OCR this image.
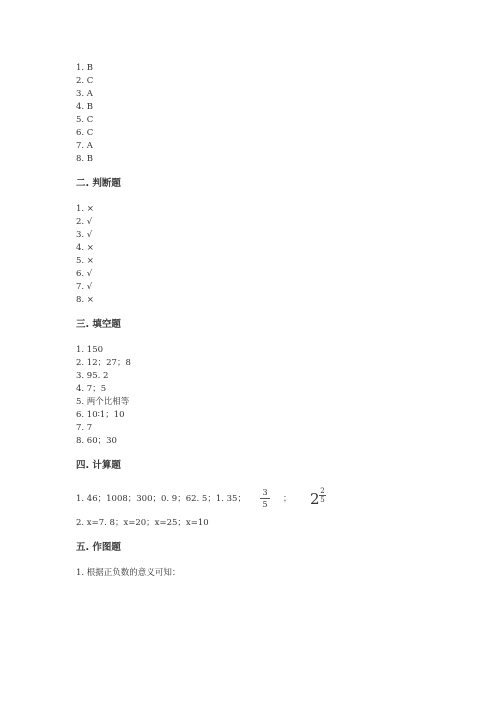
1. B
2. C
3. A
4. B
5. C
6. C
7. A
8. B
二. 判断题
1. ×
2. √
3. √
4. ×
5. ×
6. √
7. √
8. ×
三. 填空题
1. 150
2. 12；27；8
3. 95. 2
4. 7；5
5. 两个比相等
6. 10∶1；10
7. 7
8. 60；30
四. 计算题
1. 46；1008；300；0. 9；62. 5；1. 35；
3
5
； 2 2
5
2. x=7. 8；x=20；x=25；x=10
五. 作图题
1. 根据正负数的意义可知：
